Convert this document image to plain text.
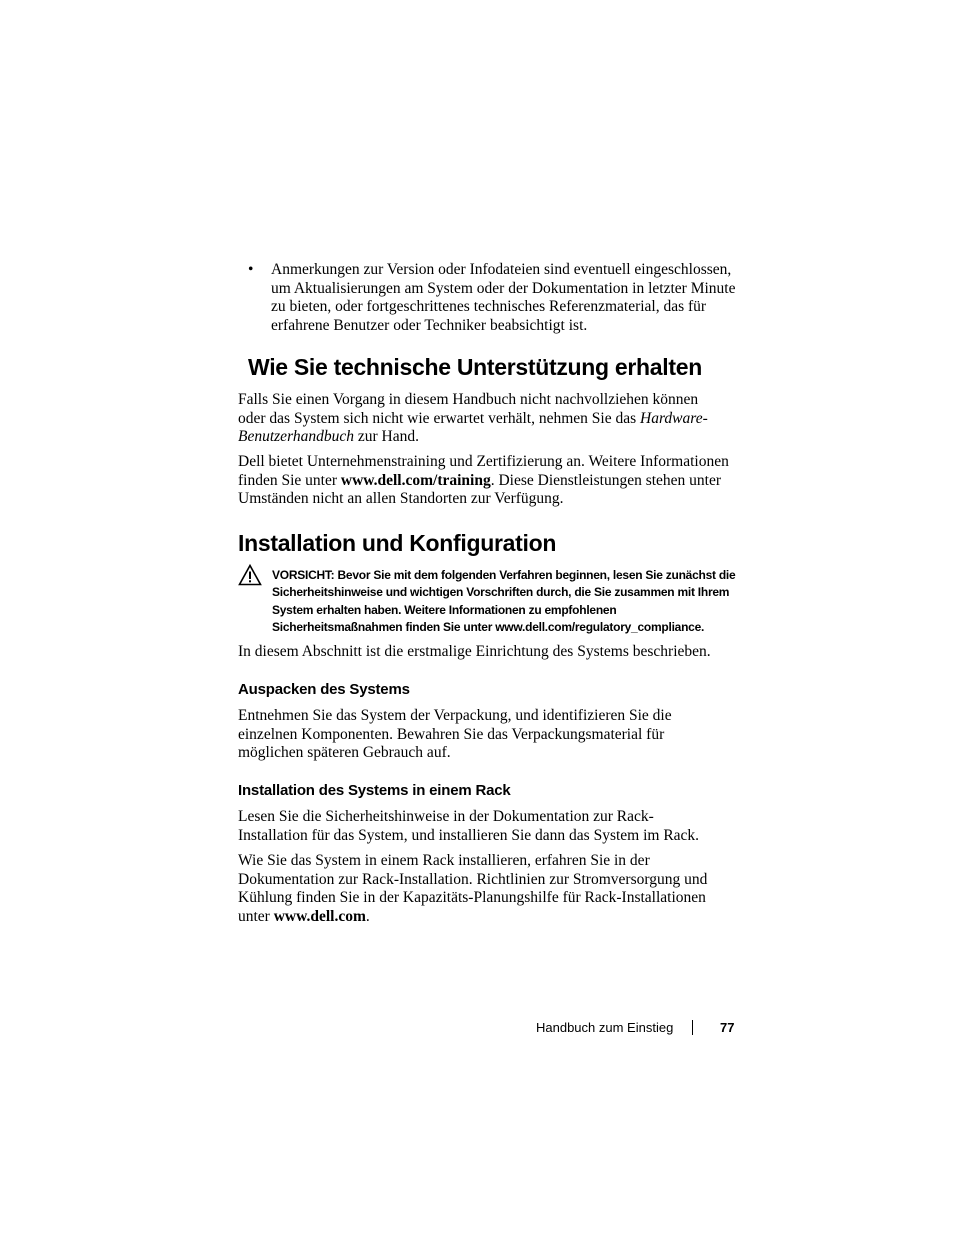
• Anmerkungen zur Version oder Infodateien sind eventuell eingeschlossen, um Aktualisierungen am System oder der Dokumentation in letzter Minute zu bieten, oder fortgeschrittenes technisches Referenzmaterial, das für erfahrene Benutzer oder Techniker beabsichtigt ist.

Wie Sie technische Unterstützung erhalten

Falls Sie einen Vorgang in diesem Handbuch nicht nachvollziehen können oder das System sich nicht wie erwartet verhält, nehmen Sie das Hardware-Benutzerhandbuch zur Hand.

Dell bietet Unternehmenstraining und Zertifizierung an. Weitere Informationen finden Sie unter www.dell.com/training. Diese Dienstleistungen stehen unter Umständen nicht an allen Standorten zur Verfügung.

Installation und Konfiguration

VORSICHT: Bevor Sie mit dem folgenden Verfahren beginnen, lesen Sie zunächst die Sicherheitshinweise und wichtigen Vorschriften durch, die Sie zusammen mit Ihrem System erhalten haben. Weitere Informationen zu empfohlenen Sicherheitsmaßnahmen finden Sie unter www.dell.com/regulatory_compliance.

In diesem Abschnitt ist die erstmalige Einrichtung des Systems beschrieben.

Auspacken des Systems

Entnehmen Sie das System der Verpackung, und identifizieren Sie die einzelnen Komponenten. Bewahren Sie das Verpackungsmaterial für möglichen späteren Gebrauch auf.

Installation des Systems in einem Rack

Lesen Sie die Sicherheitshinweise in der Dokumentation zur Rack-Installation für das System, und installieren Sie dann das System im Rack.

Wie Sie das System in einem Rack installieren, erfahren Sie in der Dokumentation zur Rack-Installation. Richtlinien zur Stromversorgung und Kühlung finden Sie in der Kapazitäts-Planungshilfe für Rack-Installationen unter www.dell.com.

Handbuch zum Einstieg	77
